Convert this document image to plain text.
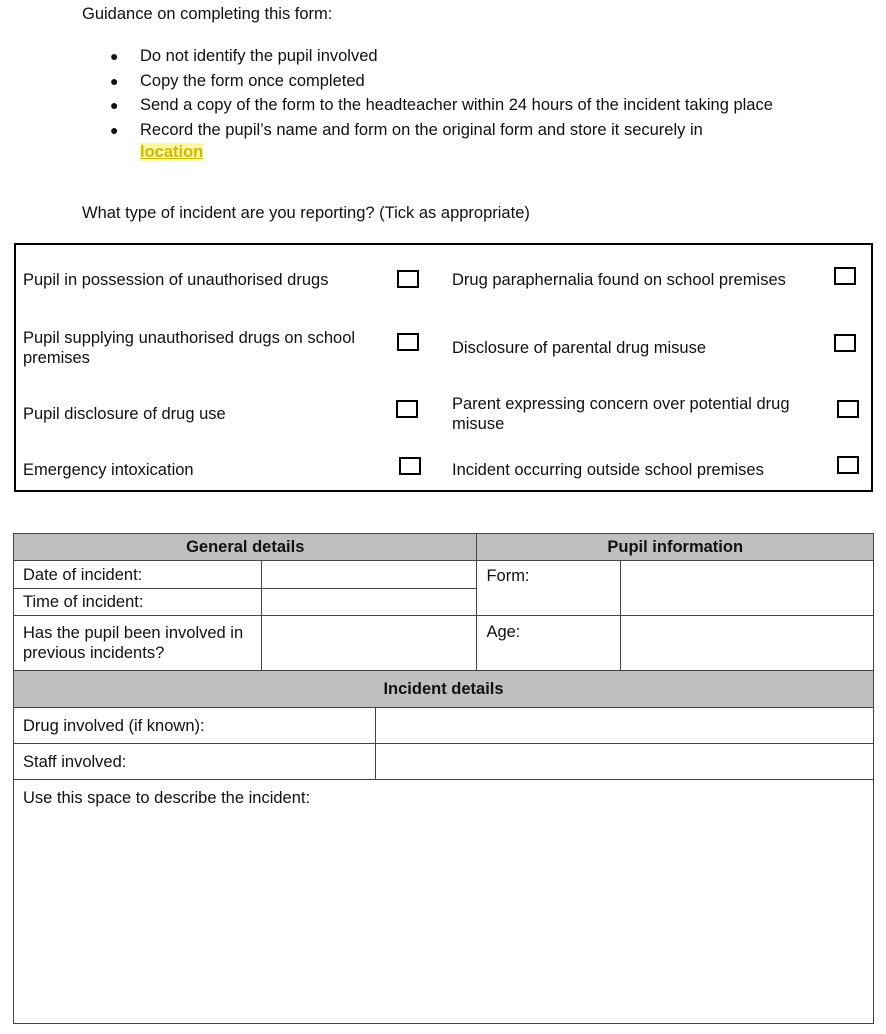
Guidance on completing this form:
● Do not identify the pupil involved
● Copy the form once completed
● Send a copy of the form to the headteacher within 24 hours of the incident taking place
● Record the pupil’s name and form on the original form and store it securely in
location
What type of incident are you reporting? (Tick as appropriate)
Pupil in possession of unauthorised drugs
Pupil supplying unauthorised drugs on school premises
Pupil disclosure of drug use
Emergency intoxication
Drug paraphernalia found on school premises
Disclosure of parental drug misuse
Parent expressing concern over potential drug misuse
Incident occurring outside school premises
General details		Pupil information	
Date of incident:		Form:	
Time of incident:			
Has the pupil been involved in previous incidents?		Age:	
Incident details	
Drug involved (if known):	
Staff involved:	
Use this space to describe the incident:	
